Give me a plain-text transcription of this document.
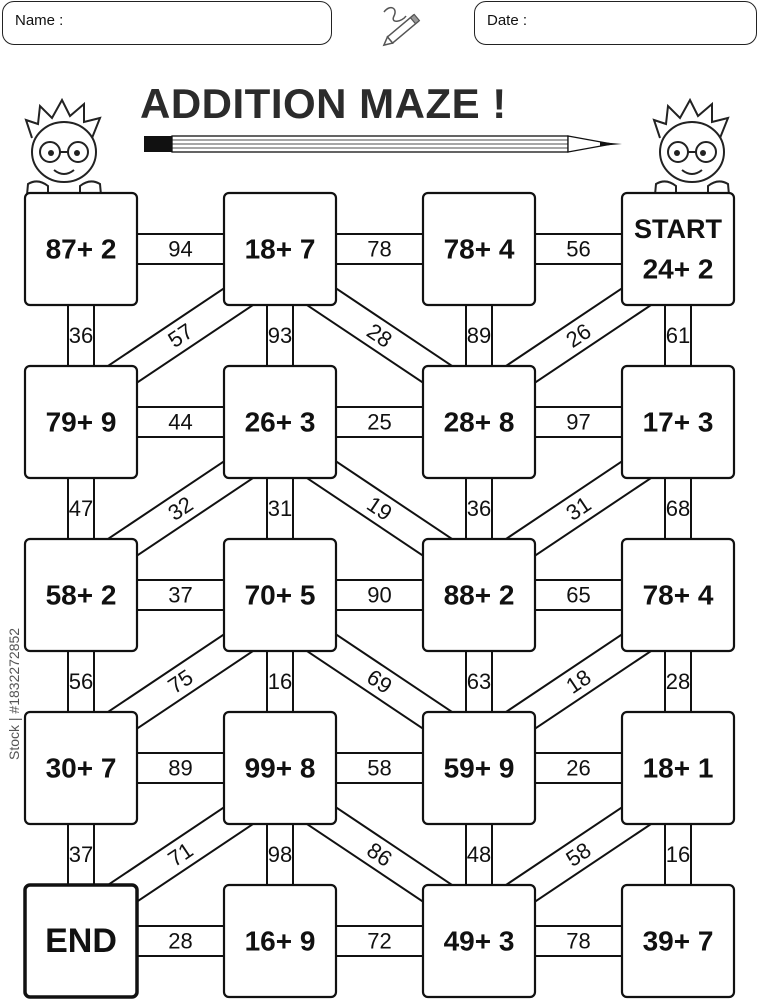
Name :	Date :
ADDITION MAZE !
57	28	26
32	19	31
75	69	18
71	86	58
94	78	56
44	25	97
37	90	65
89	58	26
28	72	78
36	93	89	61
47	31	36	68
56	16	63	28
37	98	48	16
87+ 2	18+ 7	78+ 4
START
24+ 2
79+ 9	26+ 3	28+ 8	17+ 3
58+ 2	70+ 5	88+ 2	78+ 4
30+ 7	99+ 8	59+ 9	18+ 1
END	16+ 9	49+ 3	39+ 7
Stock | #1832272852
